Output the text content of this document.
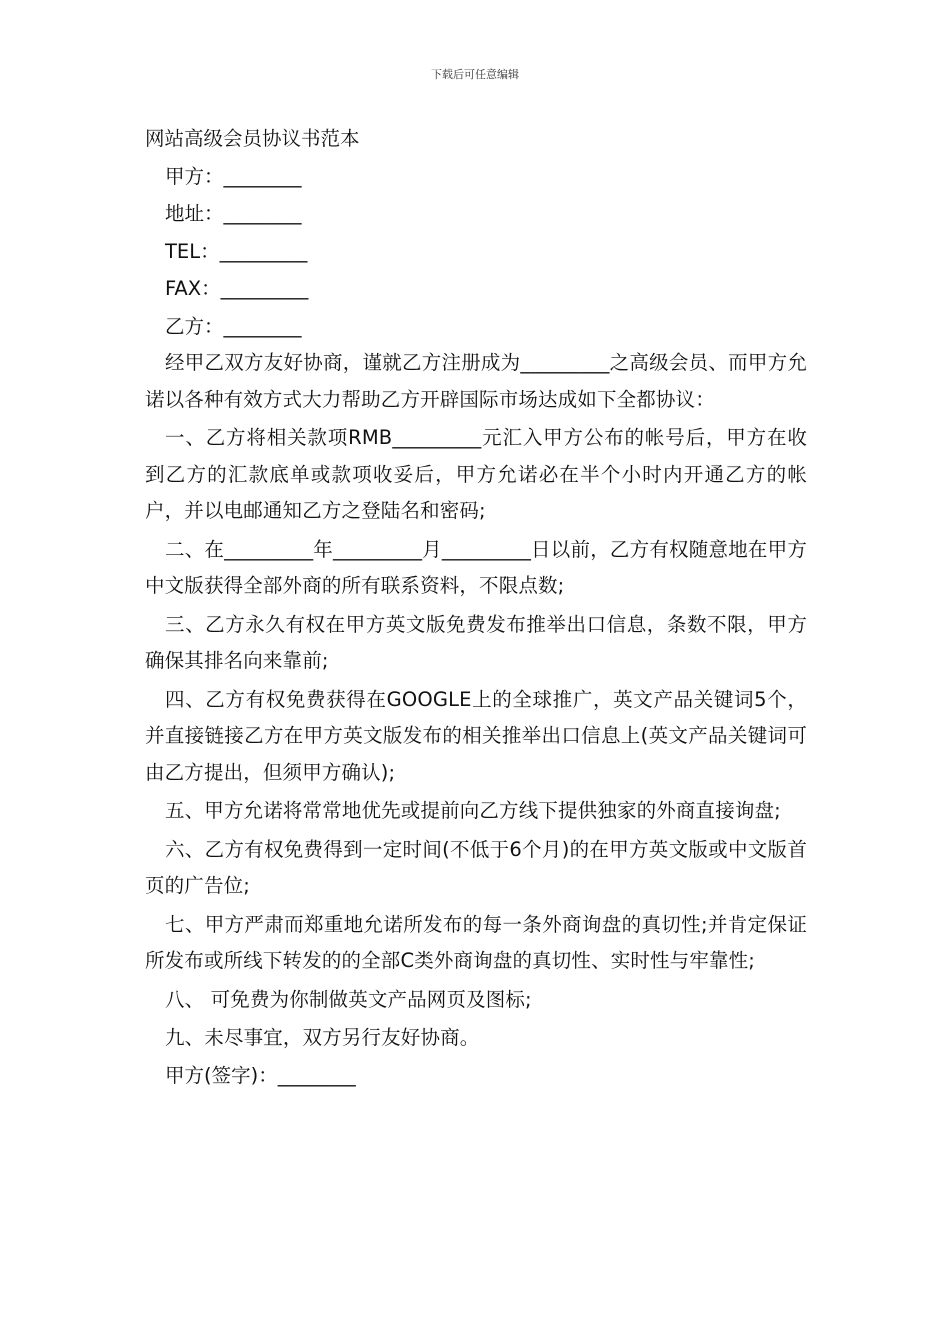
下载后可任意编辑
网站高级会员协议书范本

甲方：________

地址：________

TEL：_________

FAX：_________

乙方：________

经甲乙双方友好协商，谨就乙方注册成为_________之高级会员、而甲方允诺以各种有效方式大力帮助乙方开辟国际市场达成如下全都协议：

一、乙方将相关款项RMB_________元汇入甲方公布的帐号后，甲方在收到乙方的汇款底单或款项收妥后，甲方允诺必在半个小时内开通乙方的帐户，并以电邮通知乙方之登陆名和密码;

二、在_________年_________月_________日以前，乙方有权随意地在甲方中文版获得全部外商的所有联系资料，不限点数;

三、乙方永久有权在甲方英文版免费发布推举出口信息，条数不限，甲方确保其排名向来靠前;

四、乙方有权免费获得在GOOGLE上的全球推广，英文产品关键词5个，并直接链接乙方在甲方英文版发布的相关推举出口信息上(英文产品关键词可由乙方提出，但须甲方确认);

五、甲方允诺将常常地优先或提前向乙方线下提供独家的外商直接询盘;

六、乙方有权免费得到一定时间(不低于6个月)的在甲方英文版或中文版首页的广告位;

七、甲方严肃而郑重地允诺所发布的每一条外商询盘的真切性;并肯定保证所发布或所线下转发的的全部C类外商询盘的真切性、实时性与牢靠性;

八、 可免费为你制做英文产品网页及图标;

九、未尽事宜，双方另行友好协商。

甲方(签字)：________
